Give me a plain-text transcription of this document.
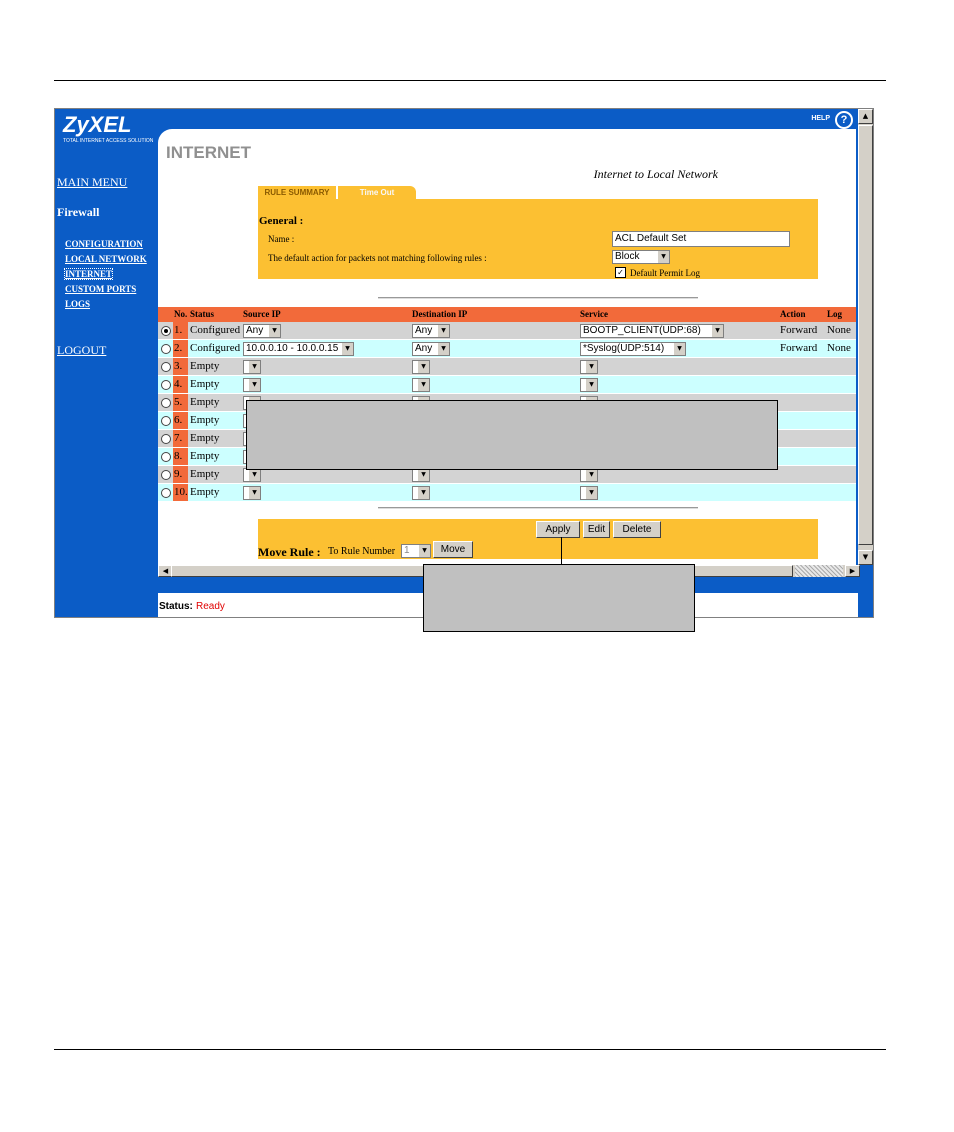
ZyXEL
TOTAL INTERNET ACCESS SOLUTION
MAIN MENU
Firewall
CONFIGURATION
LOCAL NETWORK
INTERNET
CUSTOM PORTS
LOGS
LOGOUT
HELP ?
INTERNET
Internet to Local Network
RULE SUMMARY	Time Out
General :
Name :	ACL Default Set
The default action for packets not matching following rules :	Block	▼
✓ Default Permit Log
No. Status	Source IP	Destination IP	Service	Action Log
1. Configured Any	▼	Any	▼	BOOTP_CLIENT(UDP:68)	▼	Forward None
2. Configured 10.0.0.10 - 10.0.0.15	▼	Any	▼	*Syslog(UDP:514)	▼	Forward None
3. Empty	▼	▼	▼
4. Empty	▼	▼	▼
5. Empty
6. Empty
7. Empty
8. Empty
9. Empty	▼	▼	▼
10. Empty	▼	▼	▼
Apply	Edit	Delete
Move Rule : To Rule Number 1	▼	Move
▲
▼
◀	▶
Status: Ready
